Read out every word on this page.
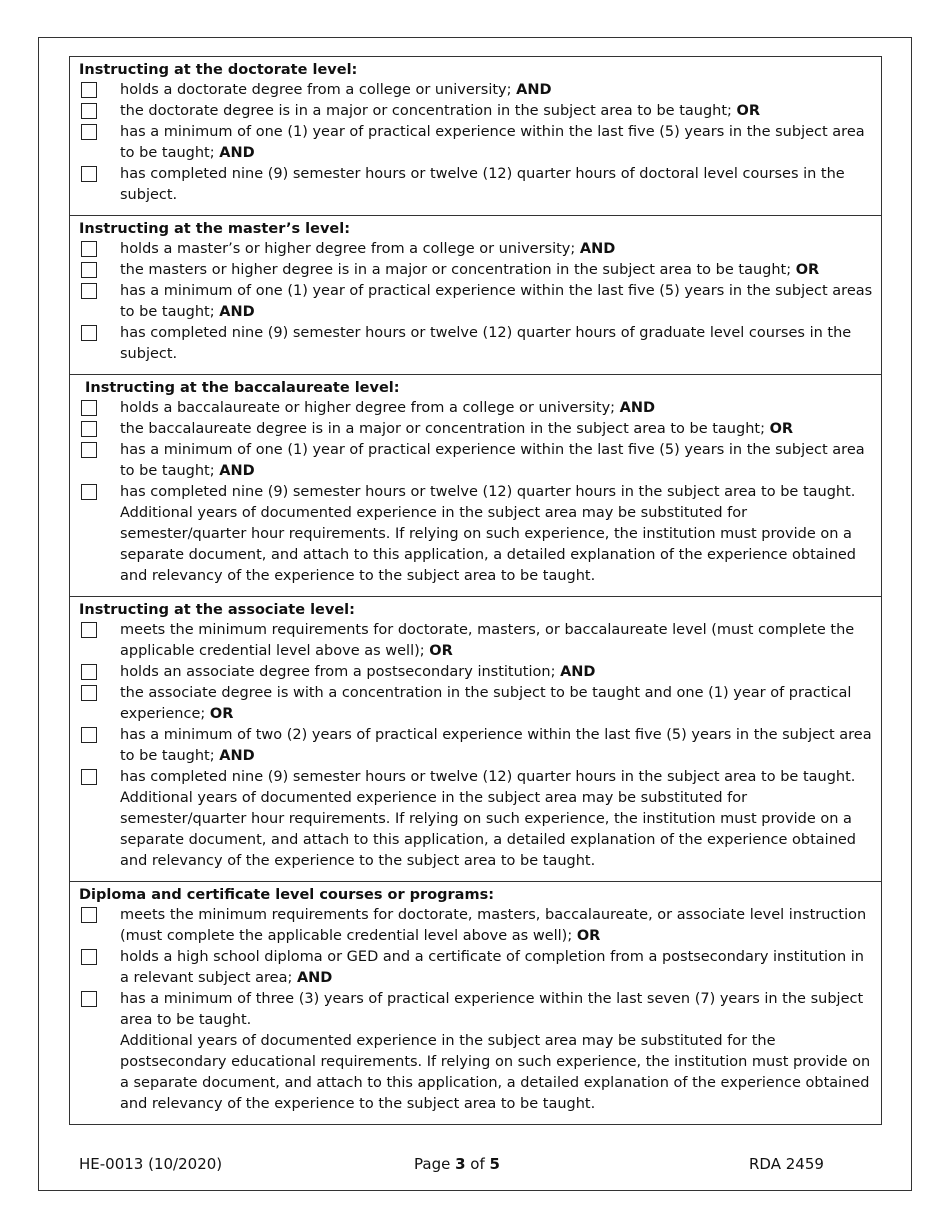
Instructing at the doctorate level:
holds a doctorate degree from a college or university; AND
the doctorate degree is in a major or concentration in the subject area to be taught; OR
has a minimum of one (1) year of practical experience within the last five (5) years in the subject area to be taught; AND
has completed nine (9) semester hours or twelve (12) quarter hours of doctoral level courses in the subject.
Instructing at the master’s level:
holds a master’s or higher degree from a college or university; AND
the masters or higher degree is in a major or concentration in the subject area to be taught; OR
has a minimum of one (1) year of practical experience within the last five (5) years in the subject areas to be taught; AND
has completed nine (9) semester hours or twelve (12) quarter hours of graduate level courses in the subject.
Instructing at the baccalaureate level:
holds a baccalaureate or higher degree from a college or university; AND
the baccalaureate degree is in a major or concentration in the subject area to be taught; OR
has a minimum of one (1) year of practical experience within the last five (5) years in the subject area to be taught; AND
has completed nine (9) semester hours or twelve (12) quarter hours in the subject area to be taught. Additional years of documented experience in the subject area may be substituted for semester/quarter hour requirements. If relying on such experience, the institution must provide on a separate document, and attach to this application, a detailed explanation of the experience obtained and relevancy of the experience to the subject area to be taught.
Instructing at the associate level:
meets the minimum requirements for doctorate, masters, or baccalaureate level (must complete the applicable credential level above as well); OR
holds an associate degree from a postsecondary institution; AND
the associate degree is with a concentration in the subject to be taught and one (1) year of practical experience; OR
has a minimum of two (2) years of practical experience within the last five (5) years in the subject area to be taught; AND
has completed nine (9) semester hours or twelve (12) quarter hours in the subject area to be taught. Additional years of documented experience in the subject area may be substituted for semester/quarter hour requirements. If relying on such experience, the institution must provide on a separate document, and attach to this application, a detailed explanation of the experience obtained and relevancy of the experience to the subject area to be taught.
Diploma and certificate level courses or programs:
meets the minimum requirements for doctorate, masters, baccalaureate, or associate level instruction (must complete the applicable credential level above as well); OR
holds a high school diploma or GED and a certificate of completion from a postsecondary institution in a relevant subject area; AND
has a minimum of three (3) years of practical experience within the last seven (7) years in the subject area to be taught.
Additional years of documented experience in the subject area may be substituted for the postsecondary educational requirements. If relying on such experience, the institution must provide on a separate document, and attach to this application, a detailed explanation of the experience obtained and relevancy of the experience to the subject area to be taught.
HE-0013 (10/2020)	Page 3 of 5	RDA 2459
